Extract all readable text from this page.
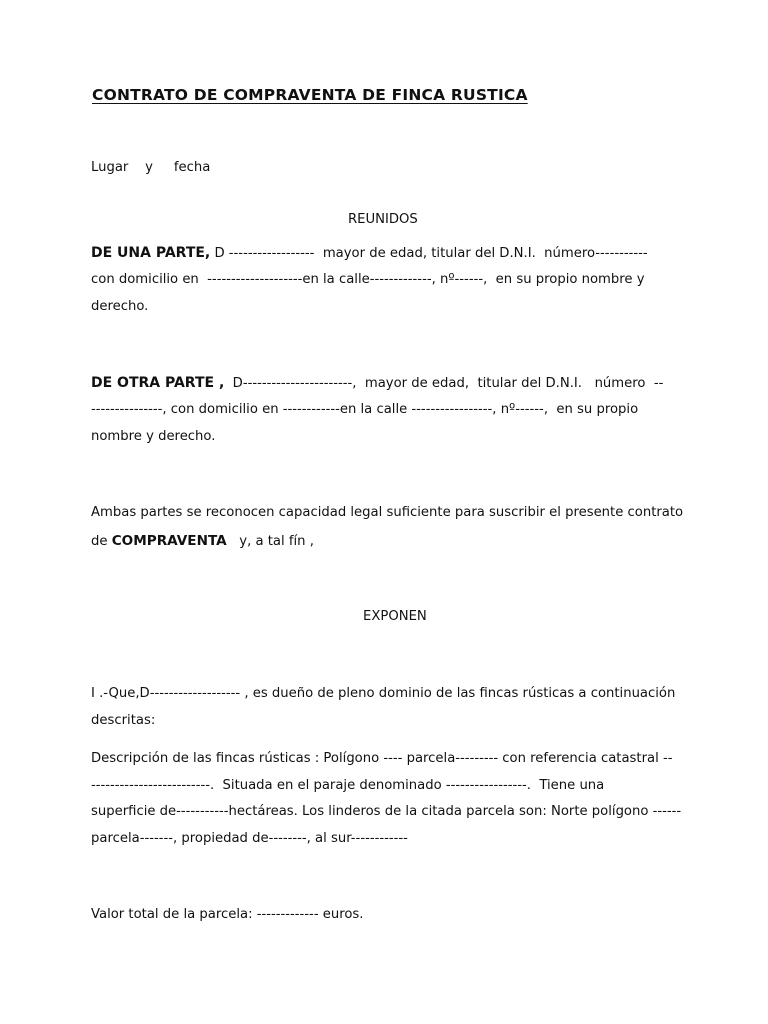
CONTRATO DE COMPRAVENTA DE FINCA RUSTICA
Lugar    y     fecha
REUNIDOS
DE UNA PARTE, D ------------------  mayor de edad, titular del D.N.I.  número-----------
con domicilio en  --------------------en la calle-------------, nº------,  en su propio nombre y
derecho.
DE OTRA PARTE ,  D-----------------------,  mayor de edad,  titular del D.N.I.   número  --
---------------, con domicilio en ------------en la calle -----------------, nº------,  en su propio
nombre y derecho.
Ambas partes se reconocen capacidad legal suficiente para suscribir el presente contrato
de COMPRAVENTA   y, a tal fín ,
EXPONEN
I .-Que,D------------------- , es dueño de pleno dominio de las fincas rústicas a continuación
descritas:
Descripción de las fincas rústicas : Polígono ---- parcela--------- con referencia catastral --
-------------------------.  Situada en el paraje denominado -----------------.  Tiene una
superficie de-----------hectáreas. Los linderos de la citada parcela son: Norte polígono ------
parcela-------, propiedad de--------, al sur------------
Valor total de la parcela: ------------- euros.
